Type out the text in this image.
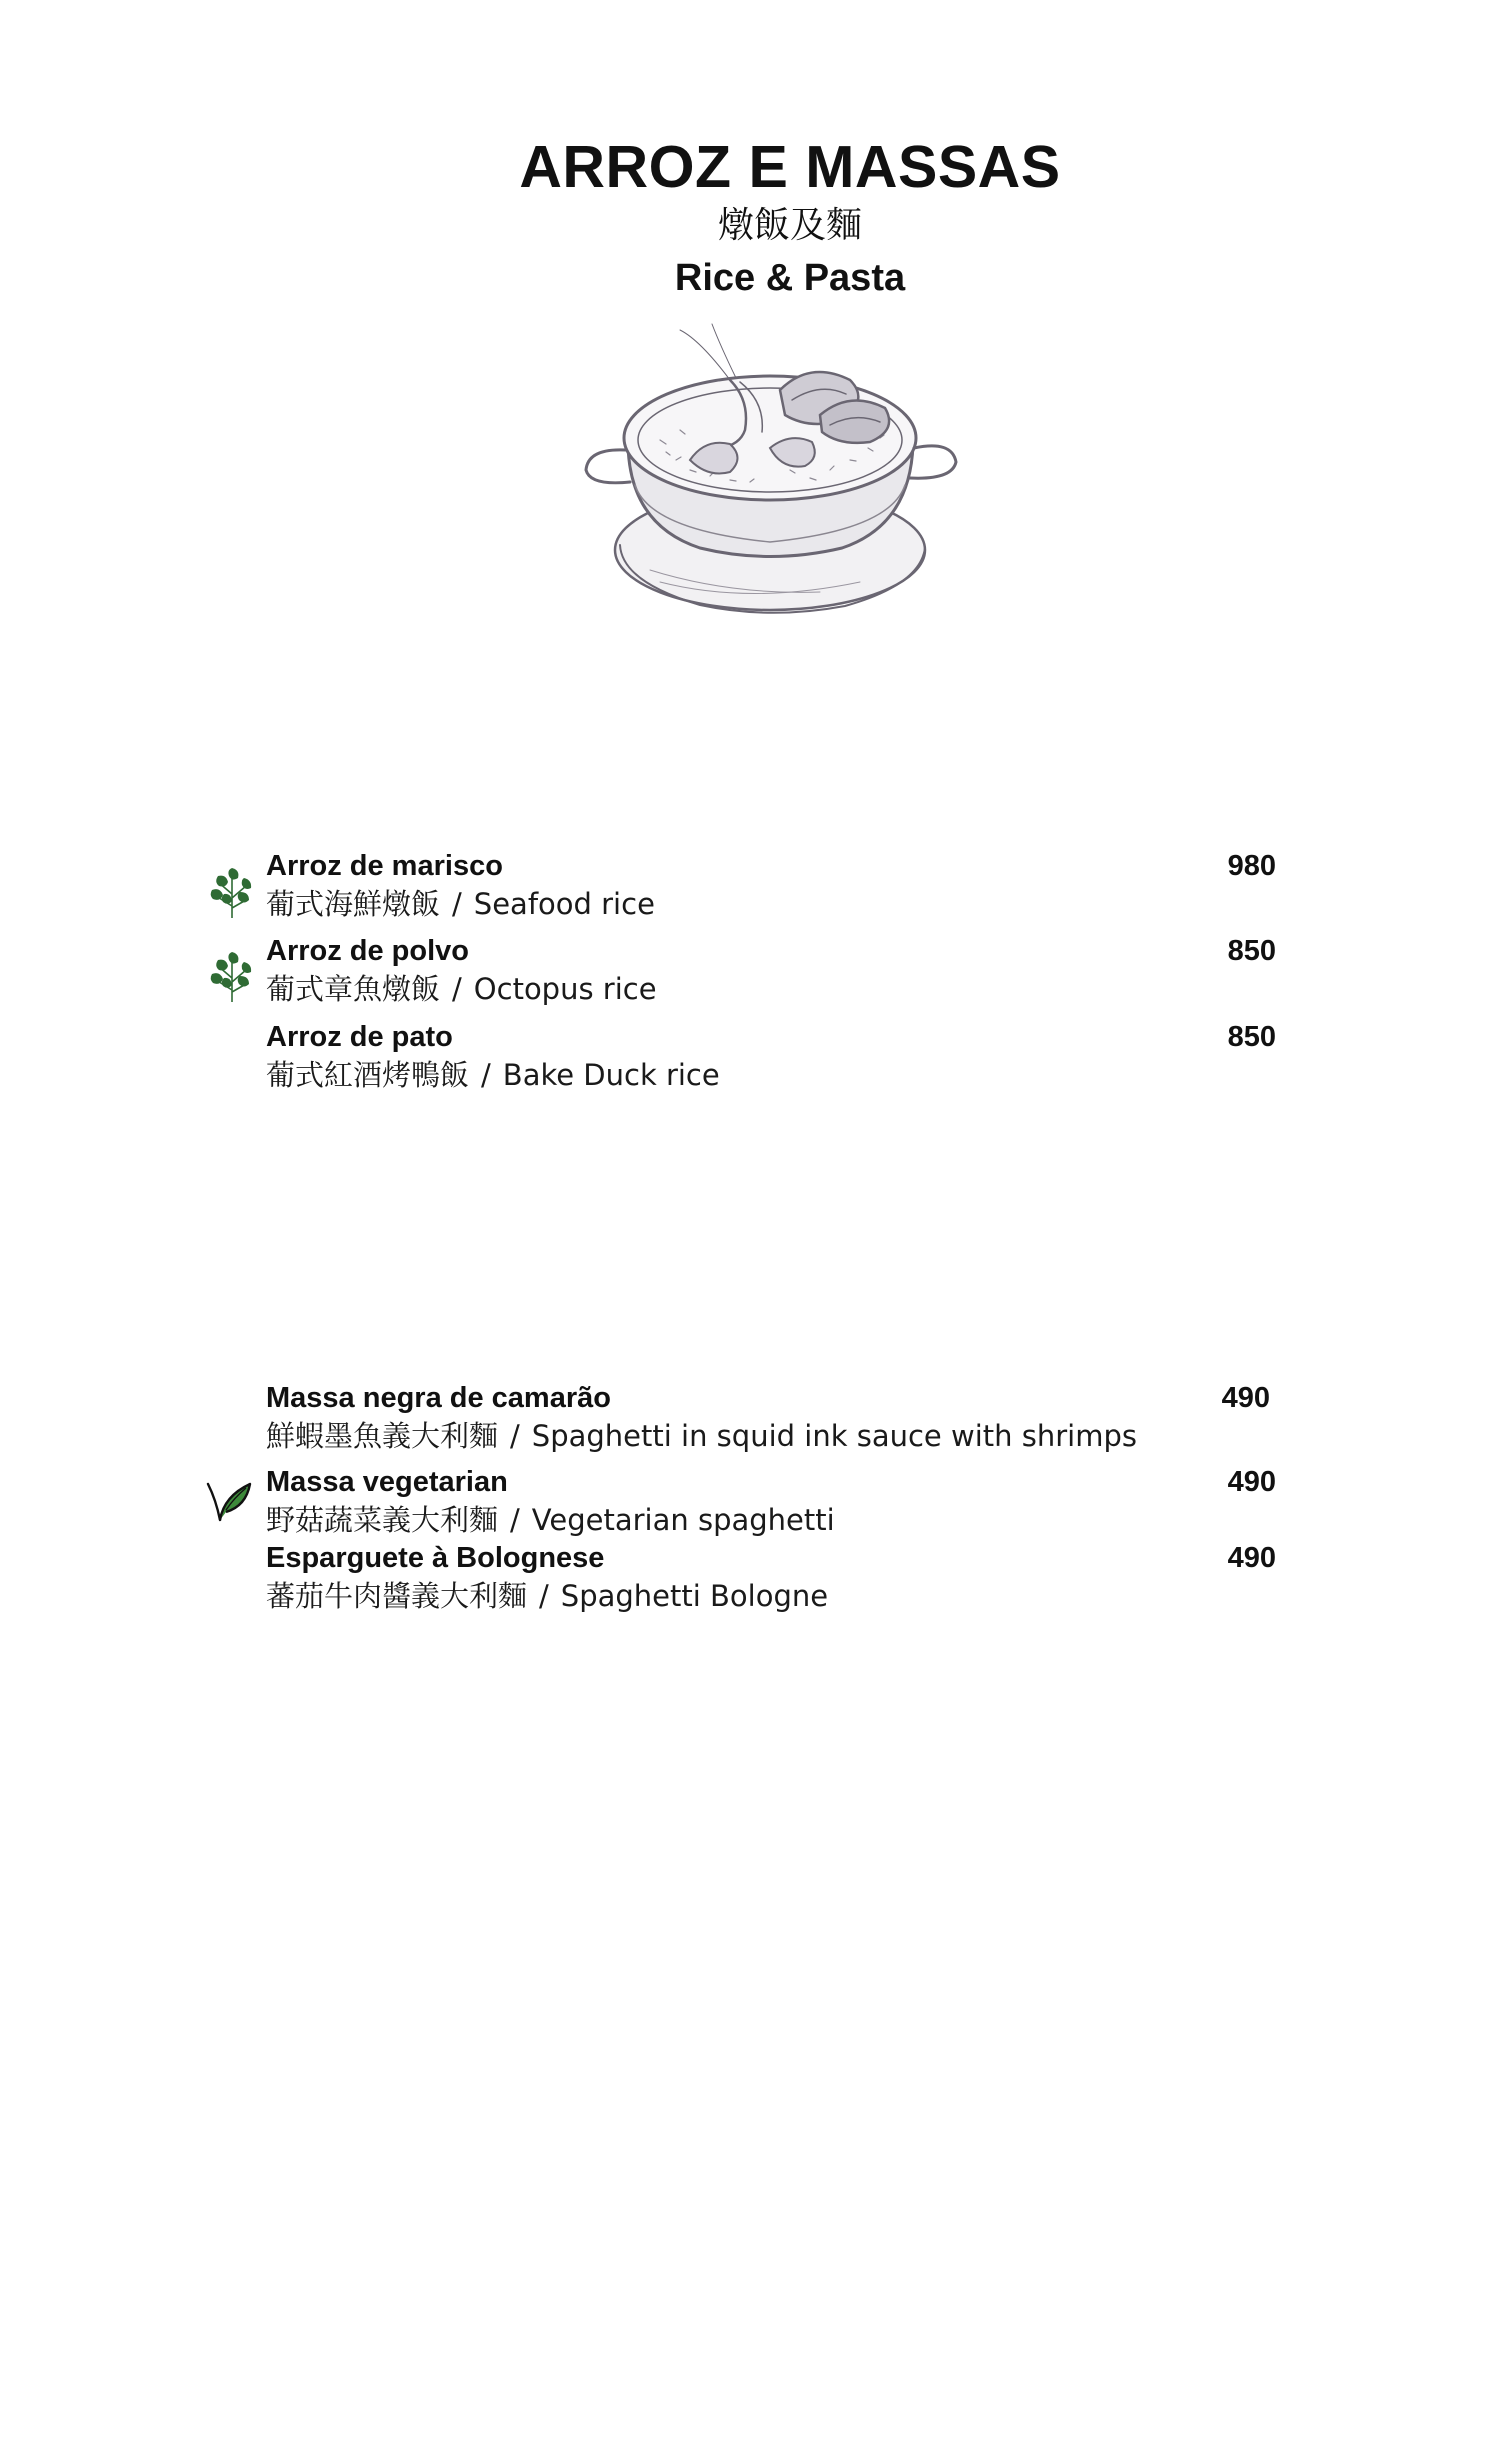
ARROZ E MASSAS
燉飯及麵
Rice & Pasta
Arroz de marisco	980
葡式海鮮燉飯 / Seafood rice
Arroz de polvo	850
葡式章魚燉飯 / Octopus rice
Arroz de pato	850
葡式紅酒烤鴨飯 / Bake Duck rice
Massa negra de camarão	490
鮮蝦墨魚義大利麵 / Spaghetti in squid ink sauce with shrimps
Massa vegetarian	490
野菇蔬菜義大利麵 / Vegetarian spaghetti
Esparguete à Bolognese	490
蕃茄牛肉醬義大利麵 / Spaghetti Bologne
